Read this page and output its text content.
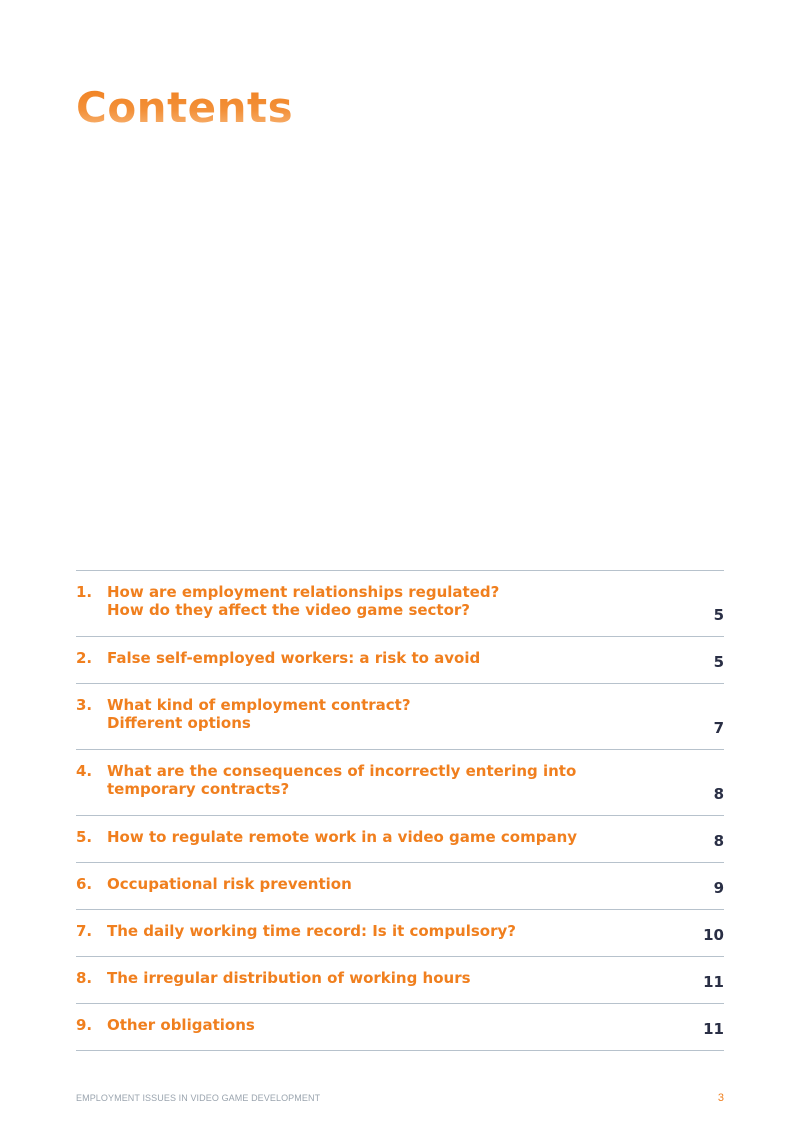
Contents
1. How are employment relationships regulated?
How do they affect the video game sector?	5
2. False self-employed workers: a risk to avoid	5
3. What kind of employment contract?
Different options	7
4. What are the consequences of incorrectly entering into
temporary contracts?	8
5. How to regulate remote work in a video game company	8
6. Occupational risk prevention	9
7. The daily working time record: Is it compulsory?	10
8. The irregular distribution of working hours	11
9. Other obligations	11
EMPLOYMENT ISSUES IN VIDEO GAME DEVELOPMENT	3
